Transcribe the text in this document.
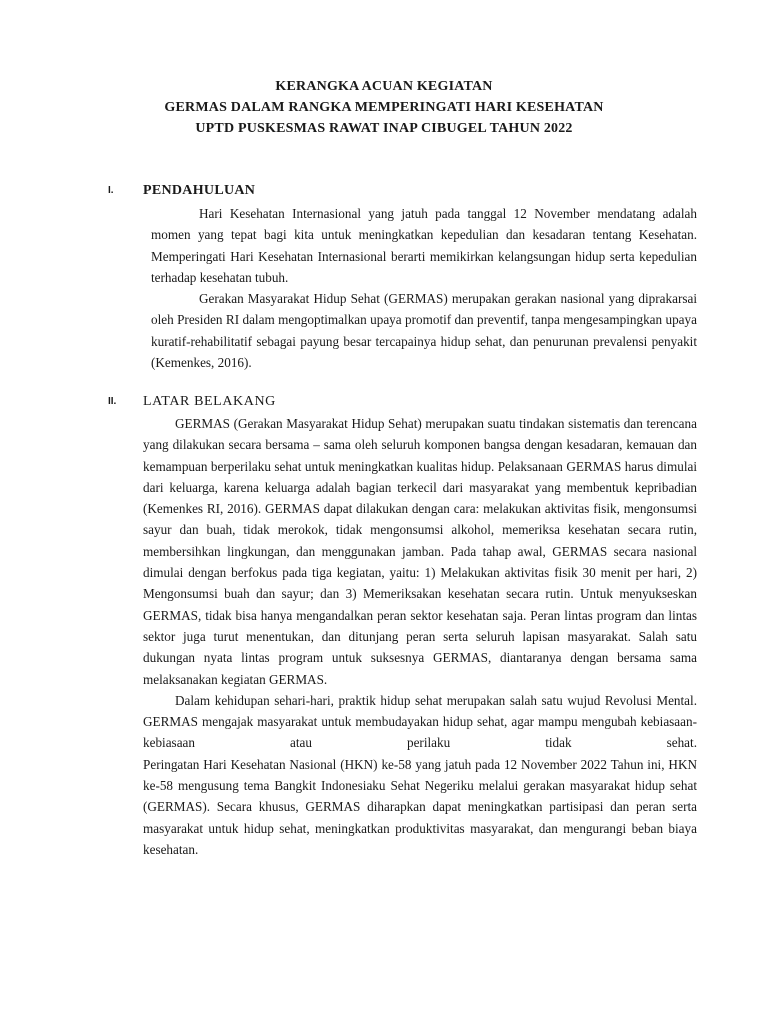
KERANGKA ACUAN KEGIATAN
GERMAS DALAM RANGKA MEMPERINGATI HARI KESEHATAN
UPTD PUSKESMAS RAWAT INAP CIBUGEL TAHUN 2022
I. PENDAHULUAN

Hari Kesehatan Internasional yang jatuh pada tanggal 12 November mendatang adalah momen yang tepat bagi kita untuk meningkatkan kepedulian dan kesadaran tentang Kesehatan. Memperingati Hari Kesehatan Internasional berarti memikirkan kelangsungan hidup serta kepedulian terhadap kesehatan tubuh.

Gerakan Masyarakat Hidup Sehat (GERMAS) merupakan gerakan nasional yang diprakarsai oleh Presiden RI dalam mengoptimalkan upaya promotif dan preventif, tanpa mengesampingkan upaya kuratif-rehabilitatif sebagai payung besar tercapainya hidup sehat, dan penurunan prevalensi penyakit (Kemenkes, 2016).

II. LATAR BELAKANG

GERMAS (Gerakan Masyarakat Hidup Sehat) merupakan suatu tindakan sistematis dan terencana yang dilakukan secara bersama – sama oleh seluruh komponen bangsa dengan kesadaran, kemauan dan kemampuan berperilaku sehat untuk meningkatkan kualitas hidup. Pelaksanaan GERMAS harus dimulai dari keluarga, karena keluarga adalah bagian terkecil dari masyarakat yang membentuk kepribadian (Kemenkes RI, 2016). GERMAS dapat dilakukan dengan cara: melakukan aktivitas fisik, mengonsumsi sayur dan buah, tidak merokok, tidak mengonsumsi alkohol, memeriksa kesehatan secara rutin, membersihkan lingkungan, dan menggunakan jamban. Pada tahap awal, GERMAS secara nasional dimulai dengan berfokus pada tiga kegiatan, yaitu: 1) Melakukan aktivitas fisik 30 menit per hari, 2) Mengonsumsi buah dan sayur; dan 3) Memeriksakan kesehatan secara rutin. Untuk menyukseskan GERMAS, tidak bisa hanya mengandalkan peran sektor kesehatan saja. Peran lintas program dan lintas sektor juga turut menentukan, dan ditunjang peran serta seluruh lapisan masyarakat. Salah satu dukungan nyata lintas program untuk suksesnya GERMAS, diantaranya dengan bersama sama melaksanakan kegiatan GERMAS.

Dalam kehidupan sehari-hari, praktik hidup sehat merupakan salah satu wujud Revolusi Mental. GERMAS mengajak masyarakat untuk membudayakan hidup sehat, agar mampu mengubah kebiasaan-kebiasaan atau perilaku tidak sehat.

Peringatan Hari Kesehatan Nasional (HKN) ke-58 yang jatuh pada 12 November 2022 Tahun ini, HKN ke-58 mengusung tema Bangkit Indonesiaku Sehat Negeriku melalui gerakan masyarakat hidup sehat (GERMAS). Secara khusus, GERMAS diharapkan dapat meningkatkan partisipasi dan peran serta masyarakat untuk hidup sehat, meningkatkan produktivitas masyarakat, dan mengurangi beban biaya kesehatan.
